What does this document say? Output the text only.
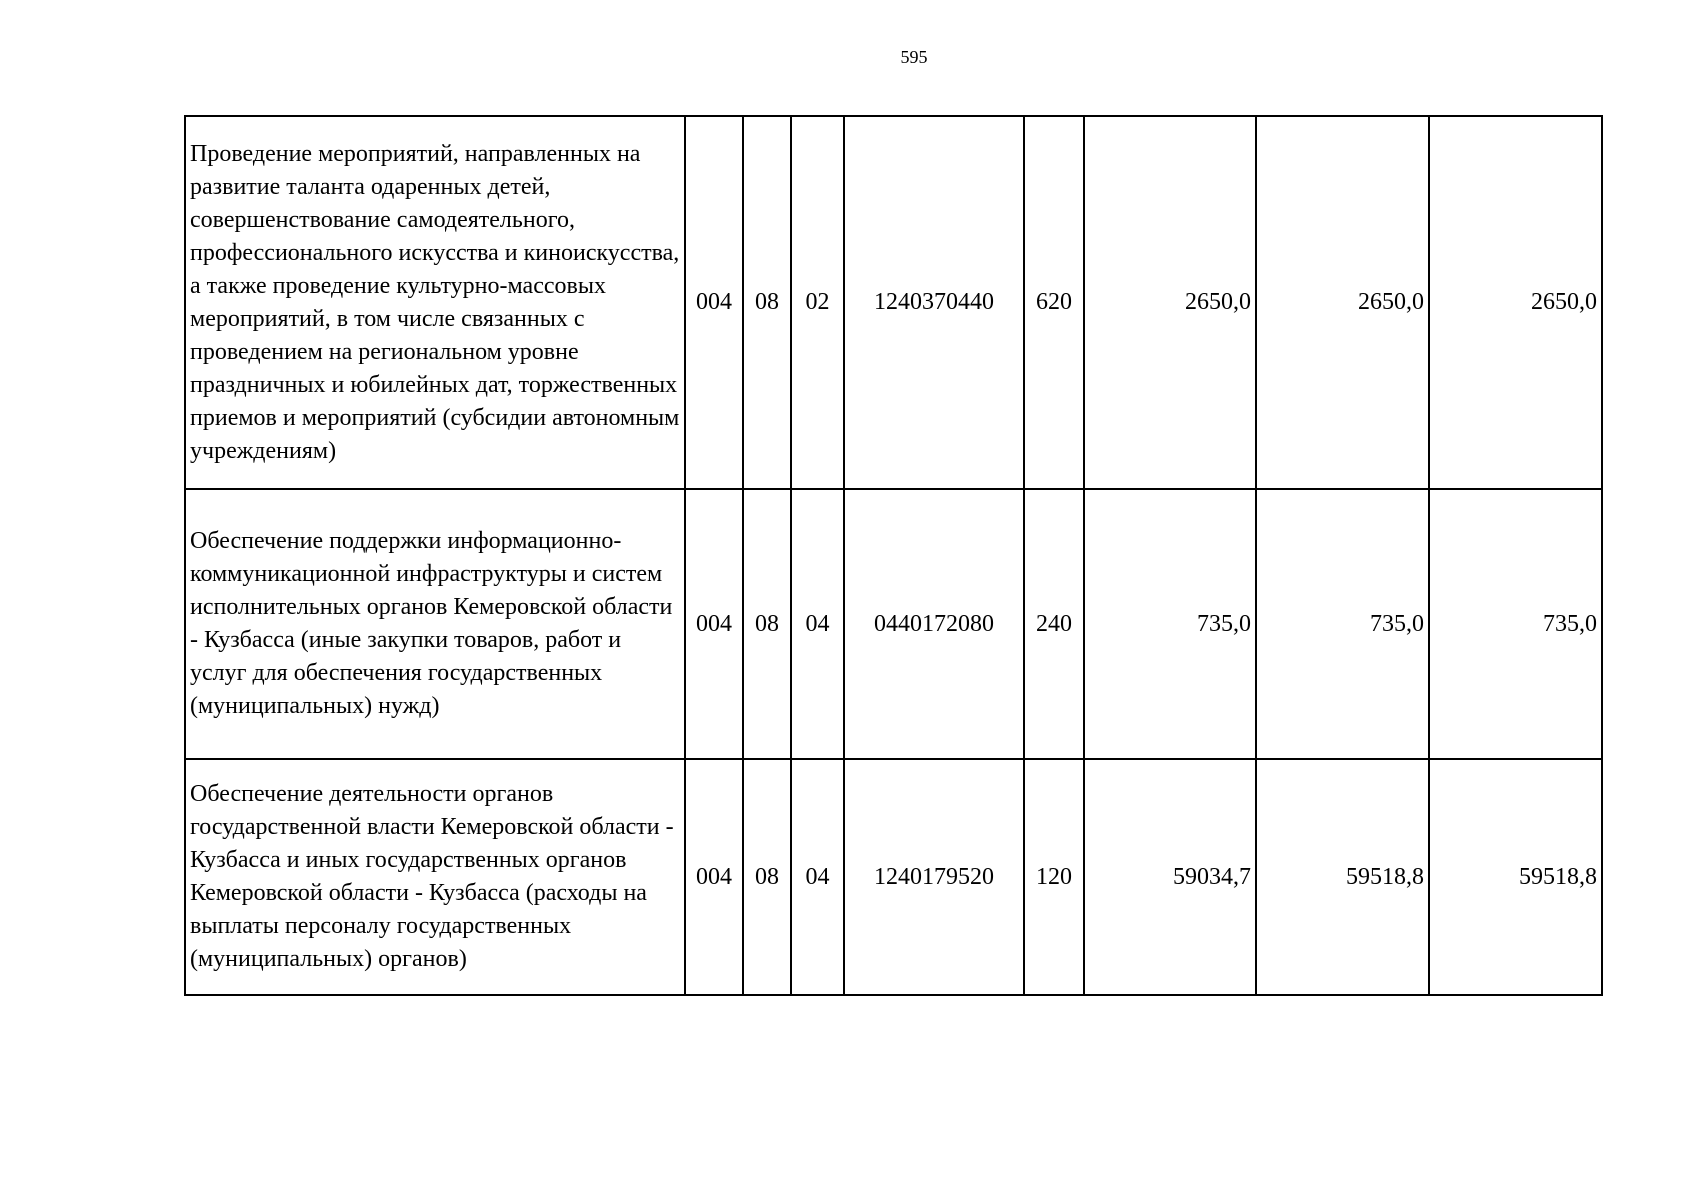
595
Проведение мероприятий, направленных на развитие таланта одаренных детей, совершенствование самодеятельного, профессионального искусства и киноискусства, а также проведение культурно-массовых мероприятий, в том числе связанных с проведением на региональном уровне праздничных и юбилейных дат, торжественных приемов и мероприятий (субсидии автономным учреждениям)	004	08	02	1240370440	620	2650,0	2650,0	2650,0
Обеспечение поддержки информационно-коммуникационной инфраструктуры и систем исполнительных органов Кемеровской области - Кузбасса (иные закупки товаров, работ и услуг для обеспечения государственных (муниципальных) нужд)	004	08	04	0440172080	240	735,0	735,0	735,0
Обеспечение деятельности органов государственной власти Кемеровской области - Кузбасса и иных государственных органов Кемеровской области - Кузбасса (расходы на выплаты персоналу государственных (муниципальных) органов)	004	08	04	1240179520	120	59034,7	59518,8	59518,8
